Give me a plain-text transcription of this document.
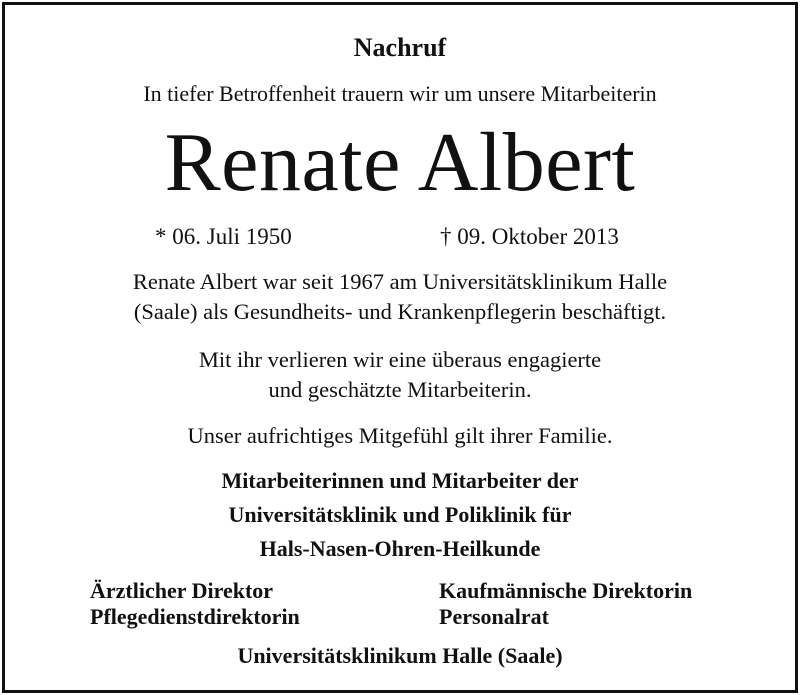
Nachruf
In tiefer Betroffenheit trauern wir um unsere Mitarbeiterin
Renate Albert
* 06. Juli 1950	† 09. Oktober 2013
Renate Albert war seit 1967 am Universitätsklinikum Halle
(Saale) als Gesundheits- und Krankenpflegerin beschäftigt.
Mit ihr verlieren wir eine überaus engagierte
und geschätzte Mitarbeiterin.
Unser aufrichtiges Mitgefühl gilt ihrer Familie.
Mitarbeiterinnen und Mitarbeiter der
Universitätsklinik und Poliklinik für
Hals-Nasen-Ohren-Heilkunde
Ärztlicher Direktor
Pflegedienstdirektorin
Kaufmännische Direktorin
Personalrat
Universitätsklinikum Halle (Saale)
